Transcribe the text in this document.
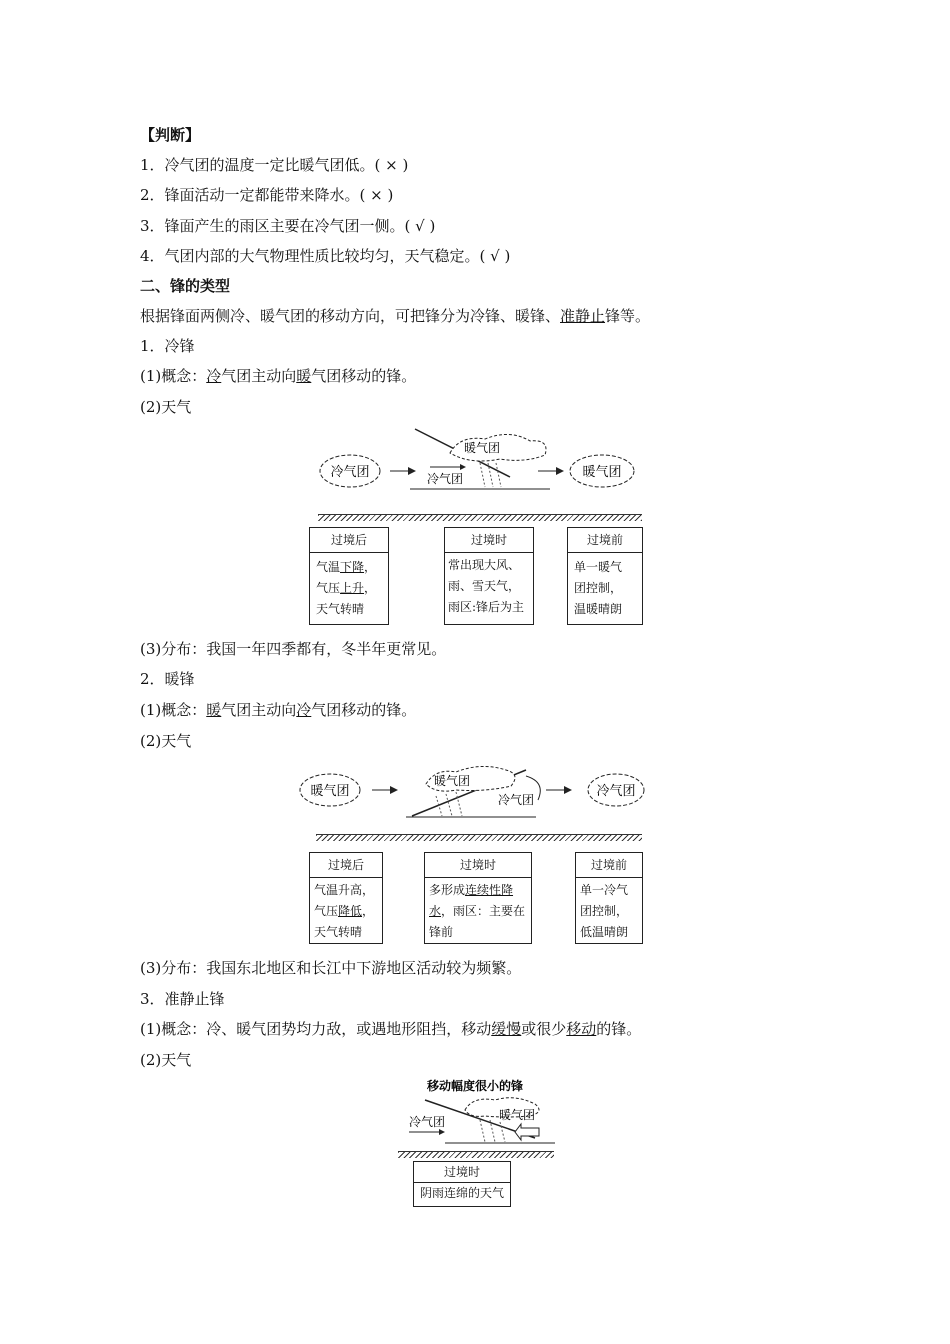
【判断】
1．冷气团的温度一定比暖气团低。( × )
2．锋面活动一定都能带来降水。( × )
3．锋面产生的雨区主要在冷气团一侧。( √ )
4．气团内部的大气物理性质比较均匀，天气稳定。( √ )
二、锋的类型
根据锋面两侧冷、暖气团的移动方向，可把锋分为冷锋、暖锋、准静止锋等。
1．冷锋
(1)概念：冷气团主动向暖气团移动的锋。
(2)天气
冷气团
暖气团
冷气团	暖气团
过境后
气温下降，
气压上升，
天气转晴
过境时
常出现大风、
雨、雪天气，
雨区:锋后为主
过境前
单一暖气
团控制，
温暖晴朗
(3)分布：我国一年四季都有，冬半年更常见。
2．暖锋
(1)概念：暖气团主动向冷气团移动的锋。
(2)天气
暖气团
暖气团
冷气团
冷气团
过境后
气温升高，
气压降低，
天气转晴
过境时
多形成连续性降
水，雨区：主要在
锋前
过境前
单一冷气
团控制，
低温晴朗
(3)分布：我国东北地区和长江中下游地区活动较为频繁。
3．准静止锋
(1)概念：冷、暖气团势均力敌，或遇地形阻挡，移动缓慢或很少移动的锋。
(2)天气
移动幅度很小的锋
冷气团	暖气团
过境时
阴雨连绵的天气
